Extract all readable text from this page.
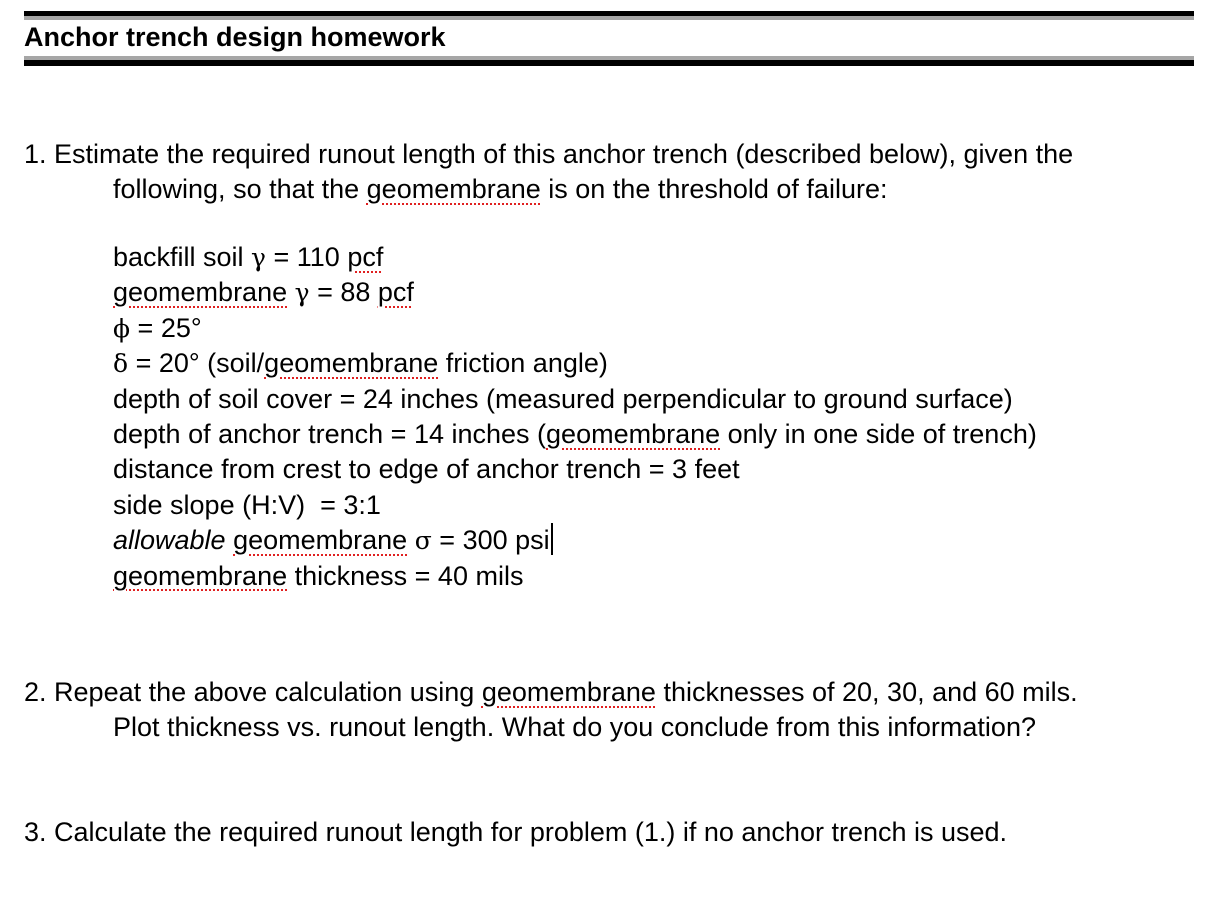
Anchor trench design homework
1. Estimate the required runout length of this anchor trench (described below), given the
following, so that the geomembrane is on the threshold of failure:
backfill soil γ = 110 pcf
geomembrane γ = 88 pcf
ϕ = 25°
δ = 20° (soil/geomembrane friction angle)
depth of soil cover = 24 inches (measured perpendicular to ground surface)
depth of anchor trench = 14 inches (geomembrane only in one side of trench)
distance from crest to edge of anchor trench = 3 feet
side slope (H:V)  = 3:1
allowable geomembrane σ = 300 psi
geomembrane thickness = 40 mils
2. Repeat the above calculation using geomembrane thicknesses of 20, 30, and 60 mils.
Plot thickness vs. runout length. What do you conclude from this information?
3. Calculate the required runout length for problem (1.) if no anchor trench is used.
